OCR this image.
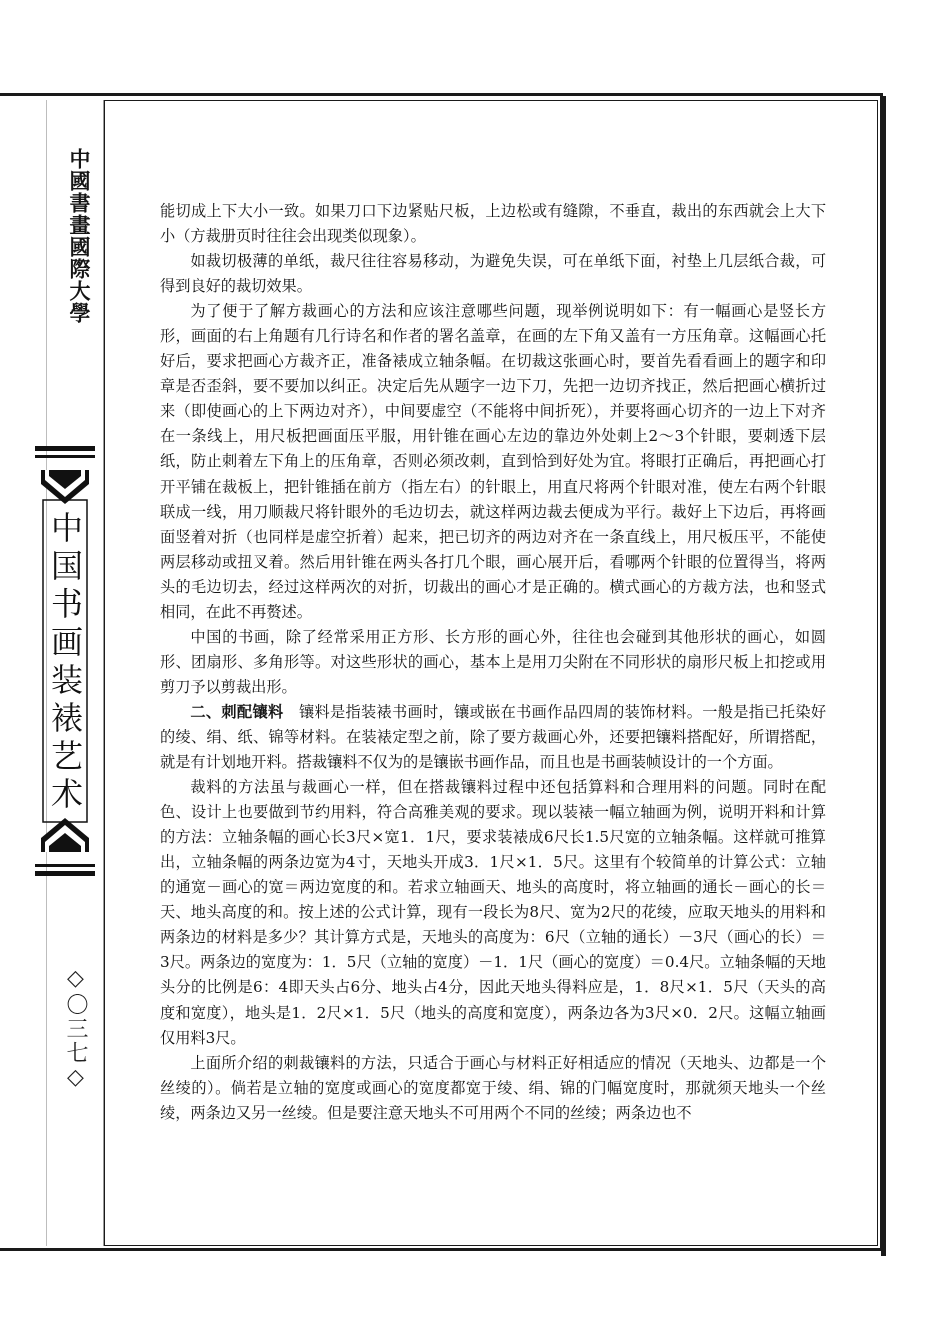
中國書畫國際大學
中国书画装裱艺术
◇〇三七◇

能切成上下大小一致。如果刀口下边紧贴尺板，上边松或有缝隙，不垂直，裁出的东西就会上大下小（方裁册页时往往会出现类似现象）。

如裁切极薄的单纸，裁尺往往容易移动，为避免失误，可在单纸下面，衬垫上几层纸合裁，可得到良好的裁切效果。

为了便于了解方裁画心的方法和应该注意哪些问题，现举例说明如下：有一幅画心是竖长方形，画面的右上角题有几行诗名和作者的署名盖章，在画的左下角又盖有一方压角章。这幅画心托好后，要求把画心方裁齐正，准备裱成立轴条幅。在切裁这张画心时，要首先看看画上的题字和印章是否歪斜，要不要加以纠正。决定后先从题字一边下刀，先把一边切齐找正，然后把画心横折过来（即使画心的上下两边对齐），中间要虚空（不能将中间折死），并要将画心切齐的一边上下对齐在一条线上，用尺板把画面压平服，用针锥在画心左边的靠边外处刺上2～3个针眼，要刺透下层纸，防止刺着左下角上的压角章，否则必须改刺，直到恰到好处为宜。将眼打正确后，再把画心打开平铺在裁板上，把针锥插在前方（指左右）的针眼上，用直尺将两个针眼对准，使左右两个针眼联成一线，用刀顺裁尺将针眼外的毛边切去，就这样两边裁去便成为平行。裁好上下边后，再将画面竖着对折（也同样是虚空折着）起来，把已切齐的两边对齐在一条直线上，用尺板压平，不能使两层移动或扭叉着。然后用针锥在两头各打几个眼，画心展开后，看哪两个针眼的位置得当，将两头的毛边切去，经过这样两次的对折，切裁出的画心才是正确的。横式画心的方裁方法，也和竖式相同，在此不再赘述。

中国的书画，除了经常采用正方形、长方形的画心外，往往也会碰到其他形状的画心，如圆形、团扇形、多角形等。对这些形状的画心，基本上是用刀尖附在不同形状的扇形尺板上扣挖或用剪刀予以剪裁出形。

二、刺配镶料 镶料是指装裱书画时，镶或嵌在书画作品四周的装饰材料。一般是指已托染好的绫、绢、纸、锦等材料。在装裱定型之前，除了要方裁画心外，还要把镶料搭配好，所谓搭配，就是有计划地开料。搭裁镶料不仅为的是镶嵌书画作品，而且也是书画装帧设计的一个方面。

裁料的方法虽与裁画心一样，但在搭裁镶料过程中还包括算料和合理用料的问题。同时在配色、设计上也要做到节约用料，符合高雅美观的要求。现以装裱一幅立轴画为例，说明开料和计算的方法：立轴条幅的画心长3尺×宽1．1尺，要求装裱成6尺长1.5尺宽的立轴条幅。这样就可推算出，立轴条幅的两条边宽为4寸，天地头开成3．1尺×1．5尺。这里有个较简单的计算公式：立轴的通宽－画心的宽＝两边宽度的和。若求立轴画天、地头的高度时，将立轴画的通长－画心的长＝天、地头高度的和。按上述的公式计算，现有一段长为8尺、宽为2尺的花绫，应取天地头的用料和两条边的材料是多少？其计算方式是，天地头的高度为：6尺（立轴的通长）－3尺（画心的长）＝3尺。两条边的宽度为：1．5尺（立轴的宽度）－1．1尺（画心的宽度）＝0.4尺。立轴条幅的天地头分的比例是6：4即天头占6分、地头占4分，因此天地头得料应是，1．8尺×1．5尺（天头的高度和宽度），地头是1．2尺×1．5尺（地头的高度和宽度），两条边各为3尺×0．2尺。这幅立轴画仅用料3尺。

上面所介绍的刺裁镶料的方法，只适合于画心与材料正好相适应的情况（天地头、边都是一个丝绫的）。倘若是立轴的宽度或画心的宽度都宽于绫、绢、锦的门幅宽度时，那就须天地头一个丝绫，两条边又另一丝绫。但是要注意天地头不可用两个不同的丝绫；两条边也不
